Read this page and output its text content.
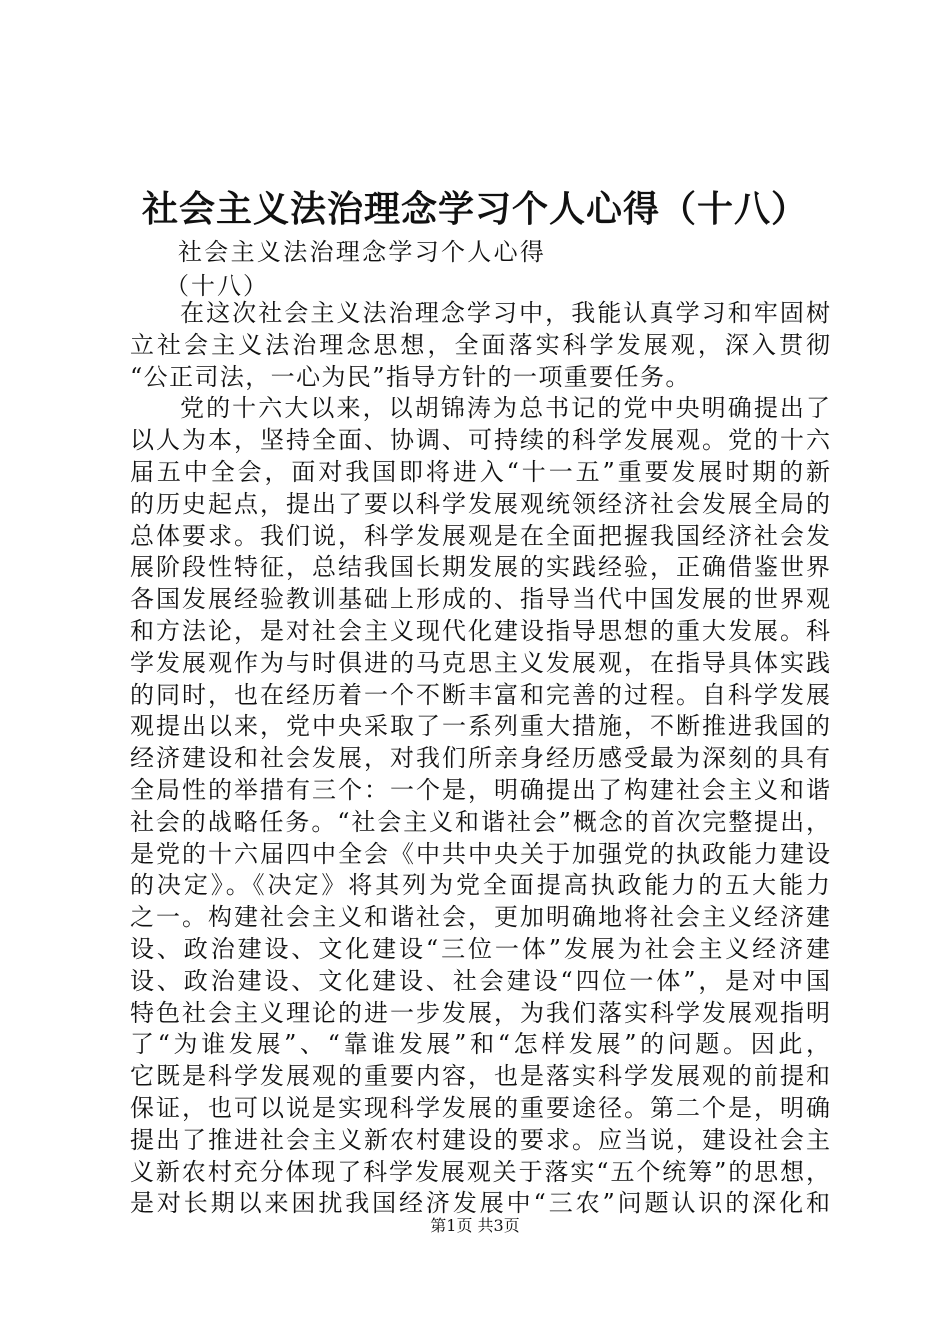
社会主义法治理念学习个人心得（十八）
社会主义法治理念学习个人心得
（十八）
在这次社会主义法治理念学习中，我能认真学习和牢固树
立社会主义法治理念思想，全面落实科学发展观，深入贯彻
“公正司法，一心为民”指导方针的一项重要任务。
党的十六大以来，以胡锦涛为总书记的党中央明确提出了
以人为本，坚持全面、协调、可持续的科学发展观。党的十六
届五中全会，面对我国即将进入“十一五”重要发展时期的新
的历史起点，提出了要以科学发展观统领经济社会发展全局的
总体要求。我们说，科学发展观是在全面把握我国经济社会发
展阶段性特征，总结我国长期发展的实践经验，正确借鉴世界
各国发展经验教训基础上形成的、指导当代中国发展的世界观
和方法论，是对社会主义现代化建设指导思想的重大发展。科
学发展观作为与时俱进的马克思主义发展观，在指导具体实践
的同时，也在经历着一个不断丰富和完善的过程。自科学发展
观提出以来，党中央采取了一系列重大措施，不断推进我国的
经济建设和社会发展，对我们所亲身经历感受最为深刻的具有
全局性的举措有三个：一个是，明确提出了构建社会主义和谐
社会的战略任务。“社会主义和谐社会”概念的首次完整提出，
是党的十六届四中全会《中共中央关于加强党的执政能力建设
的决定》。《决定》将其列为党全面提高执政能力的五大能力
之一。构建社会主义和谐社会，更加明确地将社会主义经济建
设、政治建设、文化建设“三位一体”发展为社会主义经济建
设、政治建设、文化建设、社会建设“四位一体”，是对中国
特色社会主义理论的进一步发展，为我们落实科学发展观指明
了“为谁发展”、“靠谁发展”和“怎样发展”的问题。因此，
它既是科学发展观的重要内容，也是落实科学发展观的前提和
保证，也可以说是实现科学发展的重要途径。第二个是，明确
提出了推进社会主义新农村建设的要求。应当说，建设社会主
义新农村充分体现了科学发展观关于落实“五个统筹”的思想，
是对长期以来困扰我国经济发展中“三农”问题认识的深化和
第1页 共3页
